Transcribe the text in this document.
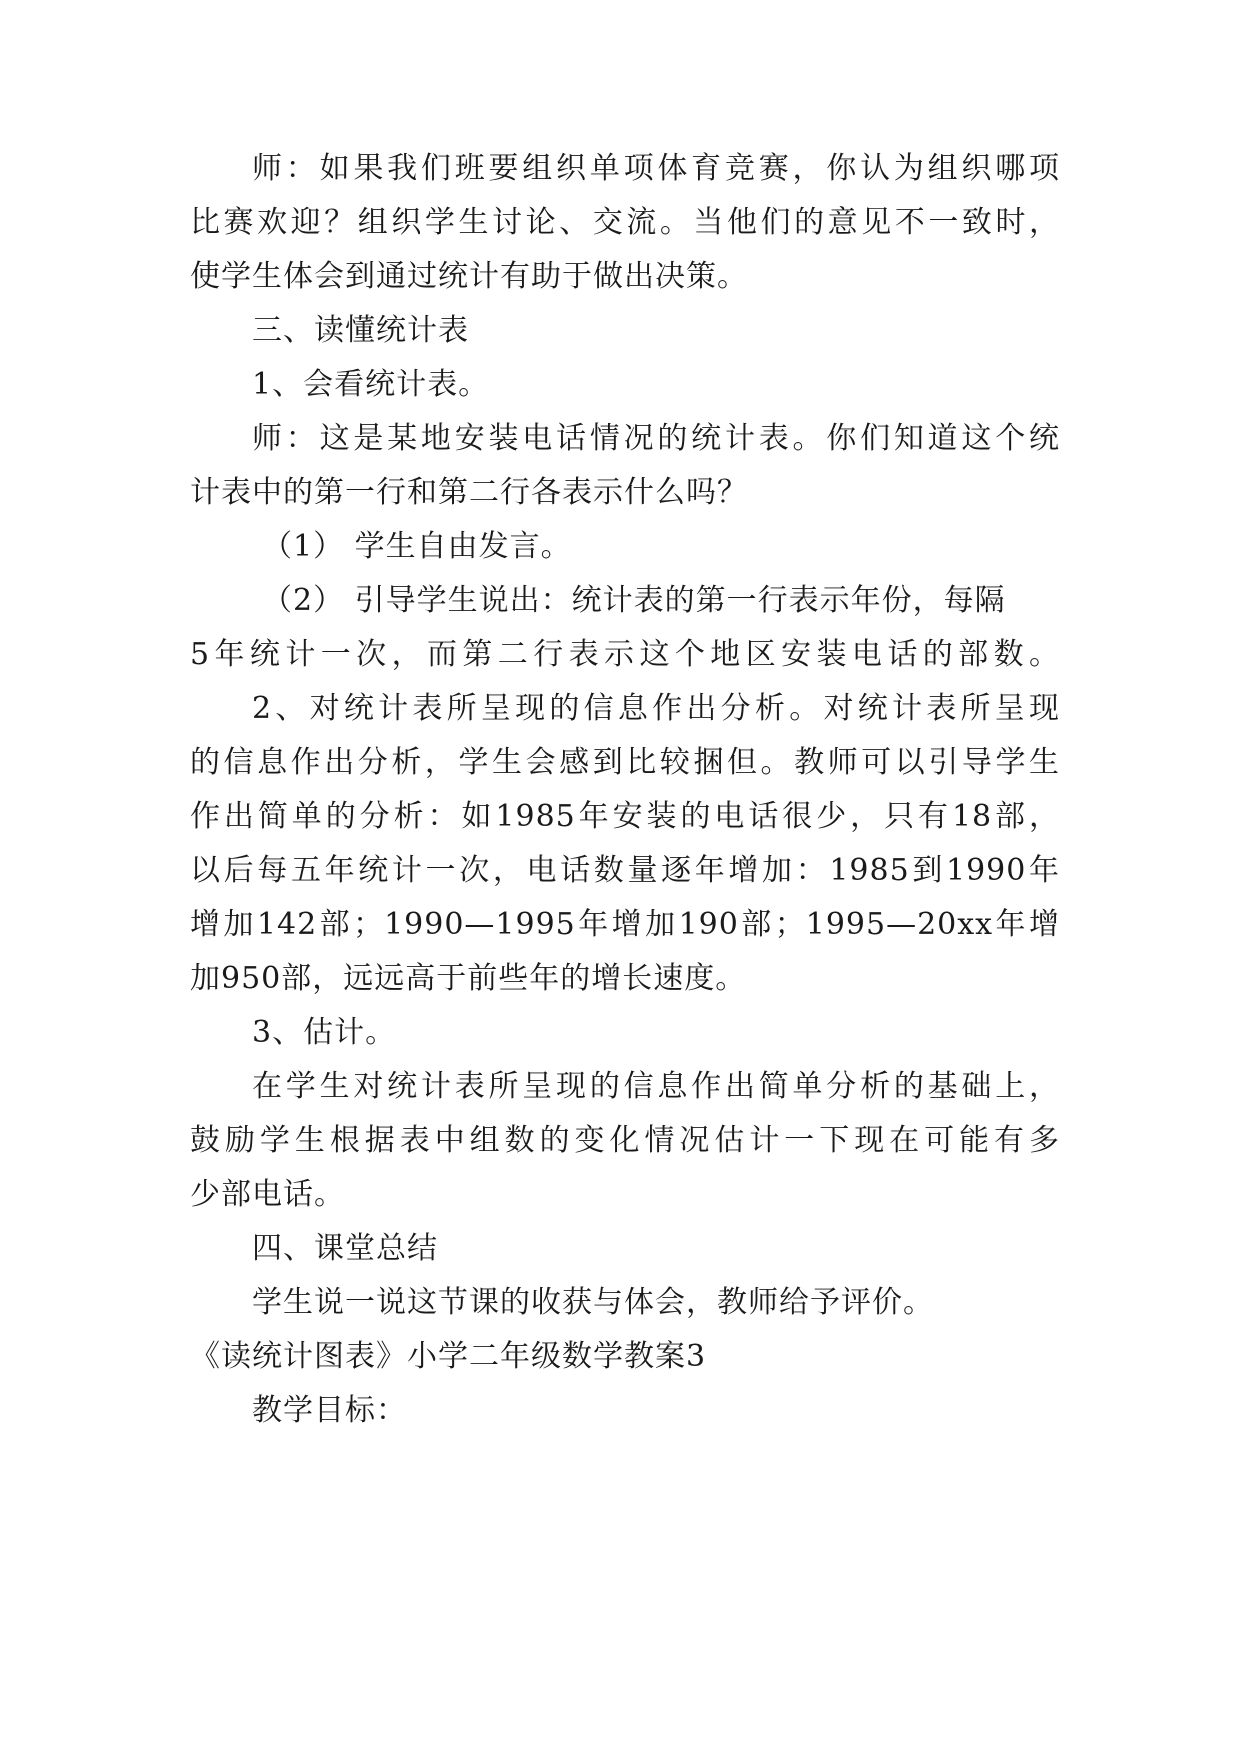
师：如果我们班要组织单项体育竞赛，你认为组织哪项
比赛欢迎？组织学生讨论、交流。当他们的意见不一致时，
使学生体会到通过统计有助于做出决策。
三、读懂统计表
1、会看统计表。
师：这是某地安装电话情况的统计表。你们知道这个统
计表中的第一行和第二行各表示什么吗？
（1） 学生自由发言。
（2） 引导学生说出：统计表的第一行表示年份，每隔
5年统计一次，而第二行表示这个地区安装电话的部数。
2、对统计表所呈现的信息作出分析。对统计表所呈现
的信息作出分析，学生会感到比较捆但。教师可以引导学生
作出简单的分析：如1985年安装的电话很少，只有18部，
以后每五年统计一次，电话数量逐年增加：1985到1990年
增加142部；1990—1995年增加190部；1995—20xx年增
加950部，远远高于前些年的增长速度。
3、估计。
在学生对统计表所呈现的信息作出简单分析的基础上，
鼓励学生根据表中组数的变化情况估计一下现在可能有多
少部电话。
四、课堂总结
学生说一说这节课的收获与体会，教师给予评价。
《读统计图表》小学二年级数学教案3
教学目标：
